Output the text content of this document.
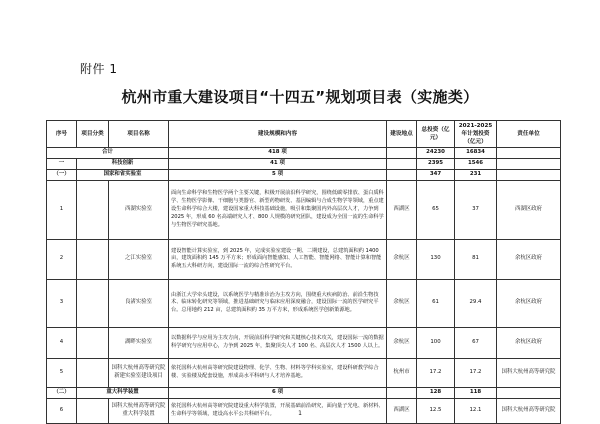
附件 1
杭州市重大建设项目“十四五”规划项目表（实施类）
序号	项目分类	项目名称	建设规模和内容	建设地点	总投资（亿元）	2021-2025 年计划投资（亿元）	责任单位
合计			418 项		24230	16834	
一	科技创新		41 项		2395	1546	
（一）	国家和省实验室		5 项		347	231	
1		西湖实验室	面向生命科学和生物医学两个主要关键，积极开展前沿科学研究，围绕低碳零排放、蛋白质科学、生物医学影像、干细胞与类器官、新型药物研发、基因编辑与合成生物学等领域，重点建设生命科学综合大楼，建设国家重大科技基础设施，吸引和集聚国内外高层次人才，力争到 2025 年，形成 60 名高端研究人才、800 人规模的研究团队，建设成为全国一流的生命科学与生物医学研究基地。	西湖区	65	37	西湖区政府
2		之江实验室	建设智能计算实验室，到 2025 年，完成实验室建设一期、二期建设，总建筑面积约 1400 亩，建筑面积约 145 万平方米；形成面向智能感知、人工智能、智能网络、智能计算和智能系统五大科研方向，建设国际一流的综合性研究平台。	余杭区	130	81	余杭区政府
3		良渚实验室	由浙江大学牵头建设，以系统医学与精准诊治为主攻方向，围绕重大疾病防治、前沿生物技术、临床转化研究等领域，推进基础研究与临床应用深度融合，建设国际一流的医学研究平台。总用地约 212 亩，总建筑面积约 35 万平方米，形成系统医学创新策源地。	余杭区	61	29.4	余杭区政府
4		湖畔实验室	以数据科学与应用为主攻方向，开展前沿科学研究和关键核心技术攻关，建设国际一流的数据科学研究与应用中心，力争到 2025 年，集聚顶尖人才 100 名、高层次人才 1500 人以上。	余杭区	100	67	余杭区政府
5		国科大杭州高等研究院新建实验室建设项目	依托国科大杭州高等研究院建设物理、化学、生物、材料等学科实验室，建设科研教学综合楼、实验楼及配套设施，形成高水平科研与人才培养基地。	杭州市	17.2	17.2	国科大杭州高等研究院
（二）	重大科学装置		6 项		128	118	
6		国科大杭州高等研究院重大科学装置	依托国科大杭州高等研究院建设重大科学装置，开展基础前沿研究，面向量子光电、新材料、生命科学等领域，建设高水平公共科研平台。	西湖区	12.5	12.1	国科大杭州高等研究院
1
